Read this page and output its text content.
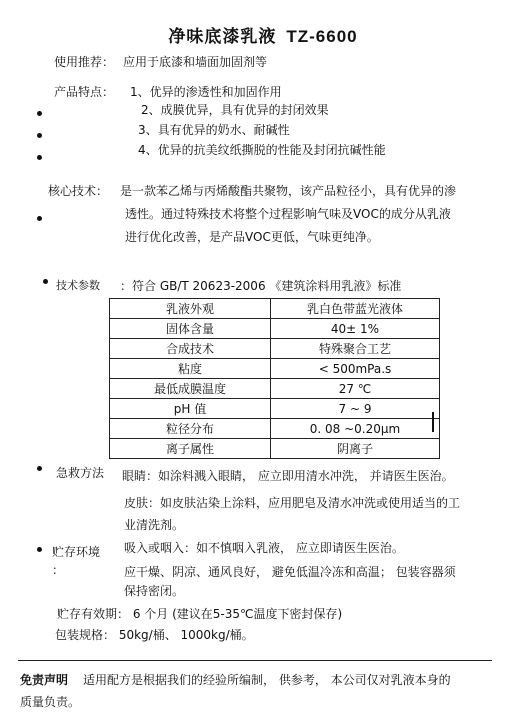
净味底漆乳液 TZ-6600
使用推荐： 应用于底漆和墙面加固剂等
产品特点： 1、优异的渗透性和加固作用
2、成膜优异，具有优异的封闭效果
3、具有优异的奶水、耐碱性
4、优异的抗美纹纸撕脱的性能及封闭抗碱性能
核心技术： 是一款苯乙烯与丙烯酸酯共聚物，该产品粒径小，具有优异的渗
透性。通过特殊技术将整个过程影响气味及VOC的成分从乳液
进行优化改善，是产品VOC更低，气味更纯净。
技术参数 ：符合 GB/T 20623-2006 《建筑涂料用乳液》标准
乳液外观	乳白色带蓝光液体
固体含量	40± 1%
合成技术	特殊聚合工艺
粘度	< 500mPa.s
最低成膜温度	27 ℃
pH 值	7 ~ 9
粒径分布	0. 08 ~0.20μm
离子属性	阴离子
急救方法 眼睛：如涂料溅入眼睛， 应立即用清水冲洗， 并请医生医治。
皮肤：如皮肤沾染上涂料，应用肥皂及清水冲洗或使用适当的工
业清洗剂。
贮存环境
：
吸入或咽入：如不慎咽入乳液， 应立即请医生医治。
应干燥、阴凉、通风良好， 避免低温冷冻和高温； 包装容器须
保持密闭。
贮存有效期： 6 个月 (建议在5-35℃温度下密封保存)
包装规格： 50kg/桶、 1000kg/桶。
免责声明 适用配方是根据我们的经验所编制， 供参考， 本公司仅对乳液本身的
质量负责。
